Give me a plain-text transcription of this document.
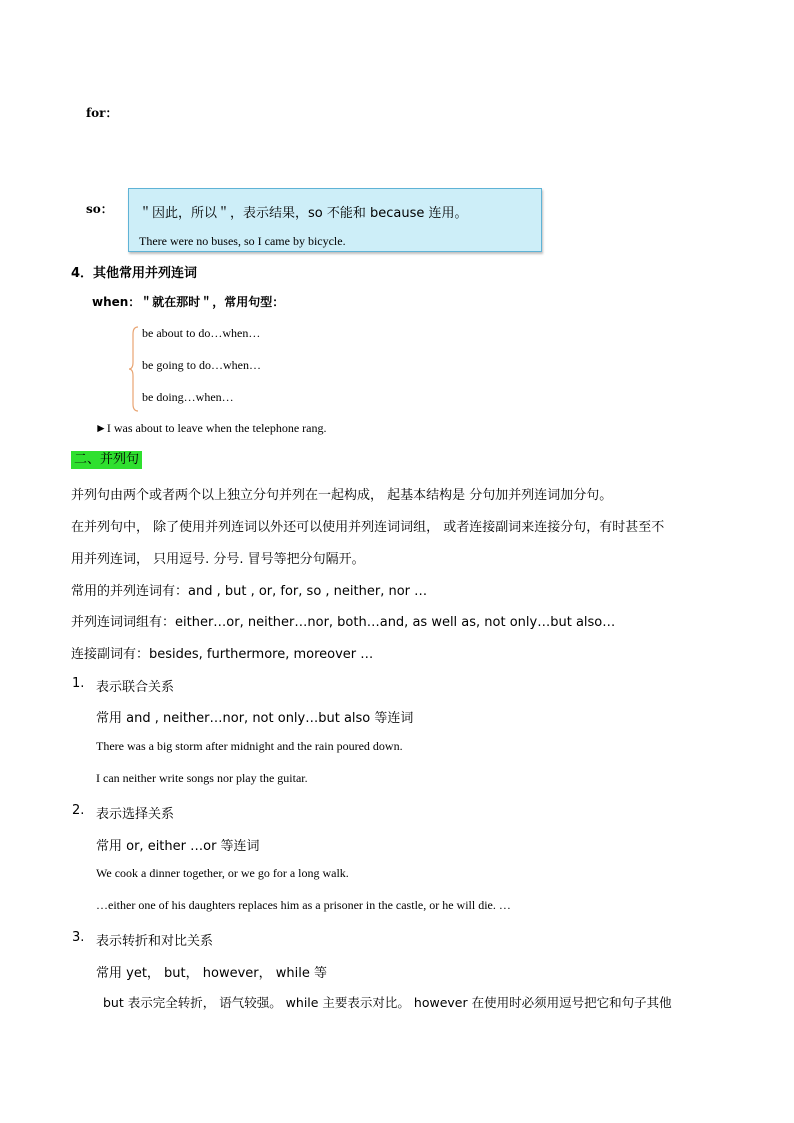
for：
so： ＂因此，所以＂，表示结果，so 不能和 because 连用。
There were no buses, so I came by bicycle.
4．其他常用并列连词
when：＂就在那时＂，常用句型：
be about to do…when…
be going to do…when…
be doing…when…
►I was about to leave when the telephone rang.
二、并列句
并列句由两个或者两个以上独立分句并列在一起构成， 起基本结构是 分句加并列连词加分句。
在并列句中， 除了使用并列连词以外还可以使用并列连词词组， 或者连接副词来连接分句，有时甚至不
用并列连词， 只用逗号. 分号. 冒号等把分句隔开。
常用的并列连词有：and , but , or, for, so , neither, nor …
并列连词词组有：either…or, neither…nor, both…and, as well as, not only…but also…
连接副词有：besides, furthermore, moreover …
1. 表示联合关系
常用 and , neither…nor, not only…but also 等连词
There was a big storm after midnight and the rain poured down.
I can neither write songs nor play the guitar.
2. 表示选择关系
常用 or, either …or 等连词
We cook a dinner together, or we go for a long walk.
…either one of his daughters replaces him as a prisoner in the castle, or he will die. …
3. 表示转折和对比关系
常用 yet， but， however， while 等
but 表示完全转折， 语气较强。 while 主要表示对比。 however 在使用时必须用逗号把它和句子其他
